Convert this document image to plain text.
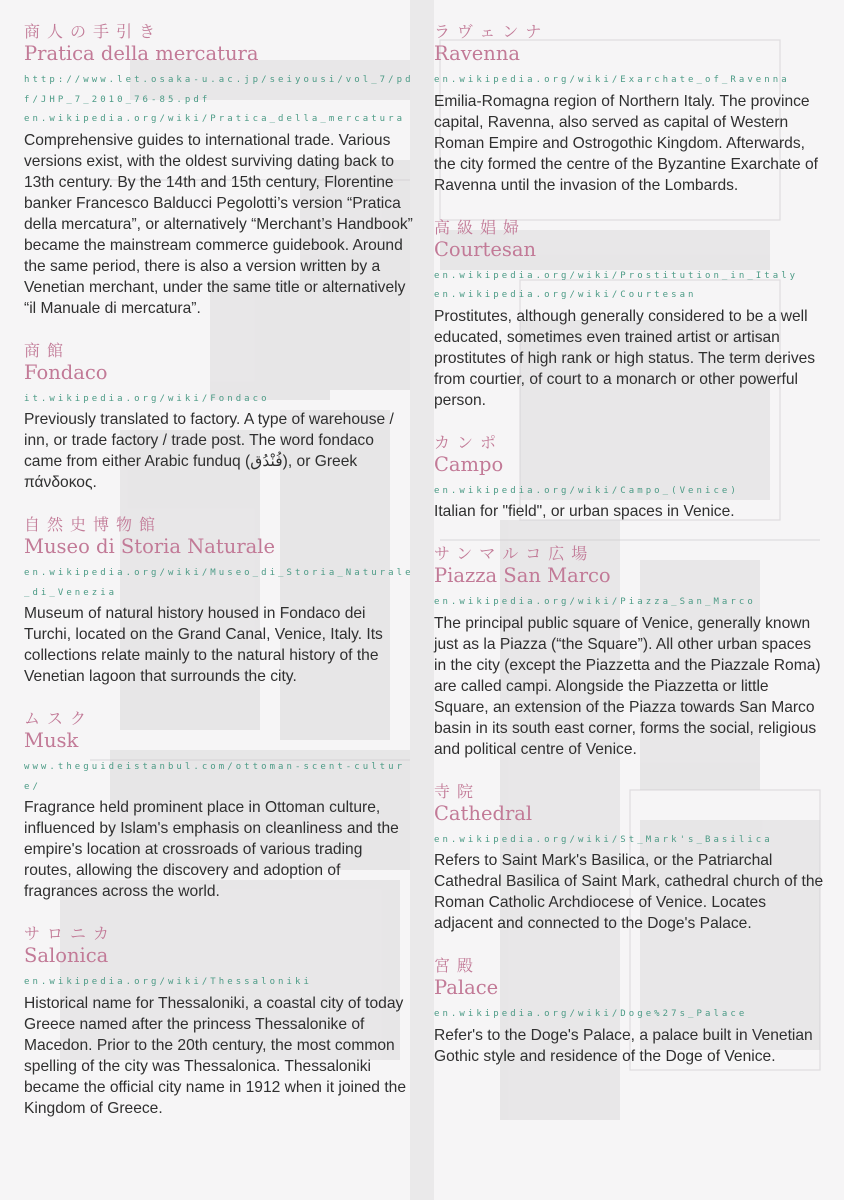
商人の手引き

Pratica della mercatura

http://www.let.osaka-u.ac.jp/seiyousi/vol_7/pdf/JHP_7_2010_76-85.pdf

en.wikipedia.org/wiki/Pratica_della_mercatura

Comprehensive guides to international trade. Various versions exist, with the oldest surviving dating back to 13th century. By the 14th and 15th century, Florentine banker Francesco Balducci Pegolotti’s version “Pratica della mercatura”, or alternatively “Merchant’s Handbook” became the mainstream commerce guidebook. Around the same period, there is also a version written by a Venetian merchant, under the same title or alternatively “il Manuale di mercatura”.

商館

Fondaco

it.wikipedia.org/wiki/Fondaco

Previously translated to factory. A type of warehouse / inn, or trade factory / trade post. The word fondaco came from either Arabic funduq (فُنْدُق), or Greek πάνδοκος.

自然史博物館

Museo di Storia Naturale

en.wikipedia.org/wiki/Museo_di_Storia_Naturale_di_Venezia

Museum of natural history housed in Fondaco dei Turchi, located on the Grand Canal, Venice, Italy. Its collections relate mainly to the natural history of the Venetian lagoon that surrounds the city.

ムスク

Musk

www.theguideistanbul.com/ottoman-scent-culture/

Fragrance held prominent place in Ottoman culture, influenced by Islam's emphasis on cleanliness and the empire's location at crossroads of various trading routes, allowing the discovery and adoption of fragrances across the world.

サロニカ

Salonica

en.wikipedia.org/wiki/Thessaloniki

Historical name for Thessaloniki, a coastal city of today Greece named after the princess Thessalonike of Macedon. Prior to the 20th century, the most common spelling of the city was Thessalonica. Thessaloniki became the official city name in 1912 when it joined the Kingdom of Greece.

ラヴェンナ

Ravenna

en.wikipedia.org/wiki/Exarchate_of_Ravenna

Emilia-Romagna region of Northern Italy. The province capital, Ravenna, also served as capital of Western Roman Empire and Ostrogothic Kingdom. Afterwards, the city formed the centre of the Byzantine Exarchate of Ravenna until the invasion of the Lombards.

高級娼婦

Courtesan

en.wikipedia.org/wiki/Prostitution_in_Italy

en.wikipedia.org/wiki/Courtesan

Prostitutes, although generally considered to be a well educated, sometimes even trained artist or artisan prostitutes of high rank or high status. The term derives from courtier, of court to a monarch or other powerful person.

カンポ

Campo

en.wikipedia.org/wiki/Campo_(Venice)

Italian for "field", or urban spaces in Venice.

サンマルコ広場

Piazza San Marco

en.wikipedia.org/wiki/Piazza_San_Marco

The principal public square of Venice, generally known just as la Piazza (“the Square”). All other urban spaces in the city (except the Piazzetta and the Piazzale Roma) are called campi. Alongside the Piazzetta or little Square, an extension of the Piazza towards San Marco basin in its south east corner, forms the social, religious and political centre of Venice.

寺院

Cathedral

en.wikipedia.org/wiki/St_Mark's_Basilica

Refers to Saint Mark's Basilica, or the Patriarchal Cathedral Basilica of Saint Mark, cathedral church of the Roman Catholic Archdiocese of Venice. Locates adjacent and connected to the Doge's Palace.

宮殿

Palace

en.wikipedia.org/wiki/Doge%27s_Palace

Refer's to the Doge's Palace, a palace built in Venetian Gothic style and residence of the Doge of Venice.
